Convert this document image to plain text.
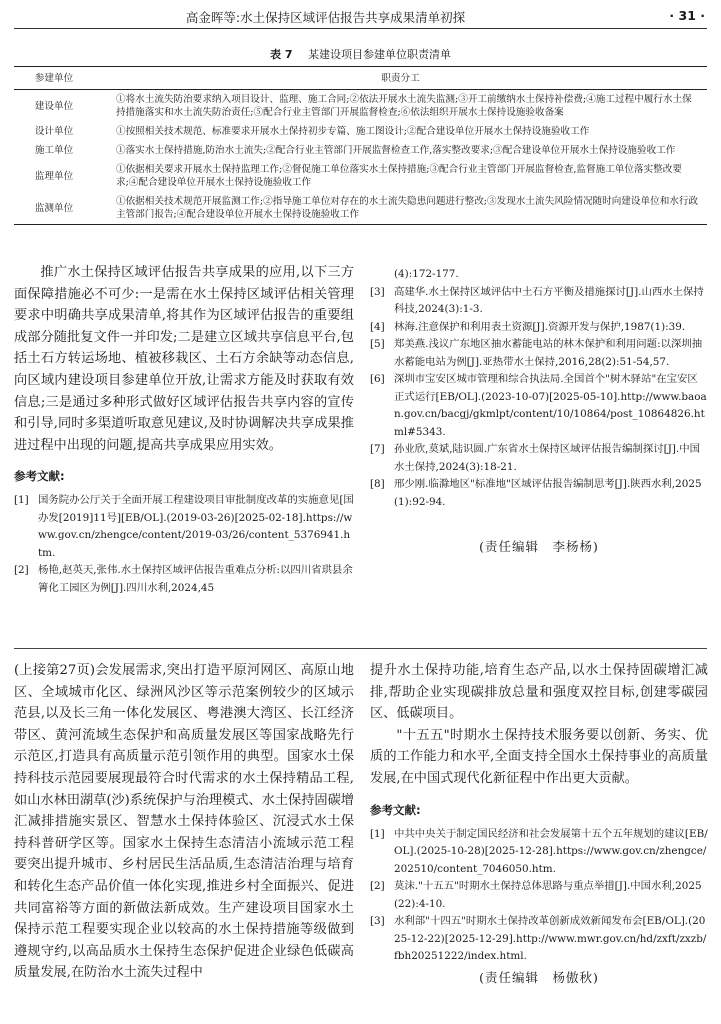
高金晖等:水土保持区域评估报告共享成果清单初探	· 31 ·
表 7 某建设项目参建单位职责清单
参建单位	职责分工
建设单位	①将水土流失防治要求纳入项目设计、监理、施工合同;②依法开展水土流失监测;③开工前缴纳水土保持补偿费;④施工过程中履行水土保持措施落实和水土流失防治责任;⑤配合行业主管部门开展监督检查;⑥依法组织开展水土保持设施验收备案
设计单位	①按照相关技术规范、标准要求开展水土保持初步专篇、施工图设计;②配合建设单位开展水土保持设施验收工作
施工单位	①落实水土保持措施,防治水土流失;②配合行业主管部门开展监督检查工作,落实整改要求;③配合建设单位开展水土保持设施验收工作
监理单位	①依据相关要求开展水土保持监理工作;②督促施工单位落实水土保持措施;③配合行业主管部门开展监督检查,监督施工单位落实整改要求;④配合建设单位开展水土保持设施验收工作
监测单位	①依据相关技术规范开展监测工作;②指导施工单位对存在的水土流失隐患问题进行整改;③发现水土流失风险情况随时向建设单位和水行政主管部门报告;④配合建设单位开展水土保持设施验收工作

推广水土保持区域评估报告共享成果的应用,以下三方面保障措施必不可少:一是需在水土保持区域评估相关管理要求中明确共享成果清单,将其作为区域评估报告的重要组成部分随批复文件一并印发;二是建立区域共享信息平台,包括土石方转运场地、植被移栽区、土石方余缺等动态信息,向区域内建设项目参建单位开放,让需求方能及时获取有效信息;三是通过多种形式做好区域评估报告共享内容的宣传和引导,同时多渠道听取意见建议,及时协调解决共享成果推进过程中出现的问题,提高共享成果应用实效。

参考文献:

[1] 国务院办公厅关于全面开展工程建设项目审批制度改革的实施意见[国办发[2019]11号][EB/OL].(2019-03-26)[2025-02-18].https://www.gov.cn/zhengce/content/2019-03/26/content_5376941.htm.

[2] 杨艳,赵英天,张伟.水土保持区域评估报告重难点分析:以四川省珙县余箐化工园区为例[J].四川水利,2024,45

(4):172-177.

[3] 高建华.水土保持区域评估中土石方平衡及措施探讨[J].山西水土保持科技,2024(3):1-3.

[4] 林海.注意保护和利用表土资源[J].资源开发与保护,1987(1):39.

[5] 郑美燕.浅议广东地区抽水蓄能电站的林木保护和利用问题:以深圳抽水蓄能电站为例[J].亚热带水土保持,2016,28(2):51-54,57.

[6] 深圳市宝安区城市管理和综合执法局.全国首个"树木驿站"在宝安区正式运行[EB/OL].(2023-10-07)[2025-05-10].http://www.baoan.gov.cn/bacgj/gkmlpt/content/10/10864/post_10864826.html#5343.

[7] 孙业欣,莫斌,陆识圆.广东省水土保持区域评估报告编制探讨[J].中国水土保持,2024(3):18-21.

[8] 邢少刚.临滁地区"标准地"区域评估报告编制思考[J].陕西水利,2025(1):92-94.

(责任编辑　李杨杨)

(上接第27页)会发展需求,突出打造平原河网区、高原山地区、全域城市化区、绿洲风沙区等示范案例较少的区域示范县,以及长三角一体化发展区、粤港澳大湾区、长江经济带区、黄河流域生态保护和高质量发展区等国家战略先行示范区,打造具有高质量示范引领作用的典型。国家水土保持科技示范园要展现最符合时代需求的水土保持精品工程,如山水林田湖草(沙)系统保护与治理模式、水土保持固碳增汇减排措施实景区、智慧水土保持体验区、沉浸式水土保持科普研学区等。国家水土保持生态清洁小流域示范工程要突出提升城市、乡村居民生活品质,生态清洁治理与培育和转化生态产品价值一体化实现,推进乡村全面振兴、促进共同富裕等方面的新做法新成效。生产建设项目国家水土保持示范工程要实现企业以较高的水土保持措施等级做到遵规守约,以高品质水土保持生态保护促进企业绿色低碳高质量发展,在防治水土流失过程中

提升水土保持功能,培育生态产品,以水土保持固碳增汇减排,帮助企业实现碳排放总量和强度双控目标,创建零碳园区、低碳项目。

"十五五"时期水土保持技术服务要以创新、务实、优质的工作能力和水平,全面支持全国水土保持事业的高质量发展,在中国式现代化新征程中作出更大贡献。

参考文献:

[1] 中共中央关于制定国民经济和社会发展第十五个五年规划的建议[EB/OL].(2025-10-28)[2025-12-28].https://www.gov.cn/zhengce/202510/content_7046050.htm.

[2] 莫沫."十五五"时期水土保持总体思路与重点举措[J].中国水利,2025(22):4-10.

[3] 水利部"十四五"时期水土保持改革创新成效新闻发布会[EB/OL].(2025-12-22)[2025-12-29].http://www.mwr.gov.cn/hd/zxft/zxzb/fbh20251222/index.html.

(责任编辑　杨傲秋)
